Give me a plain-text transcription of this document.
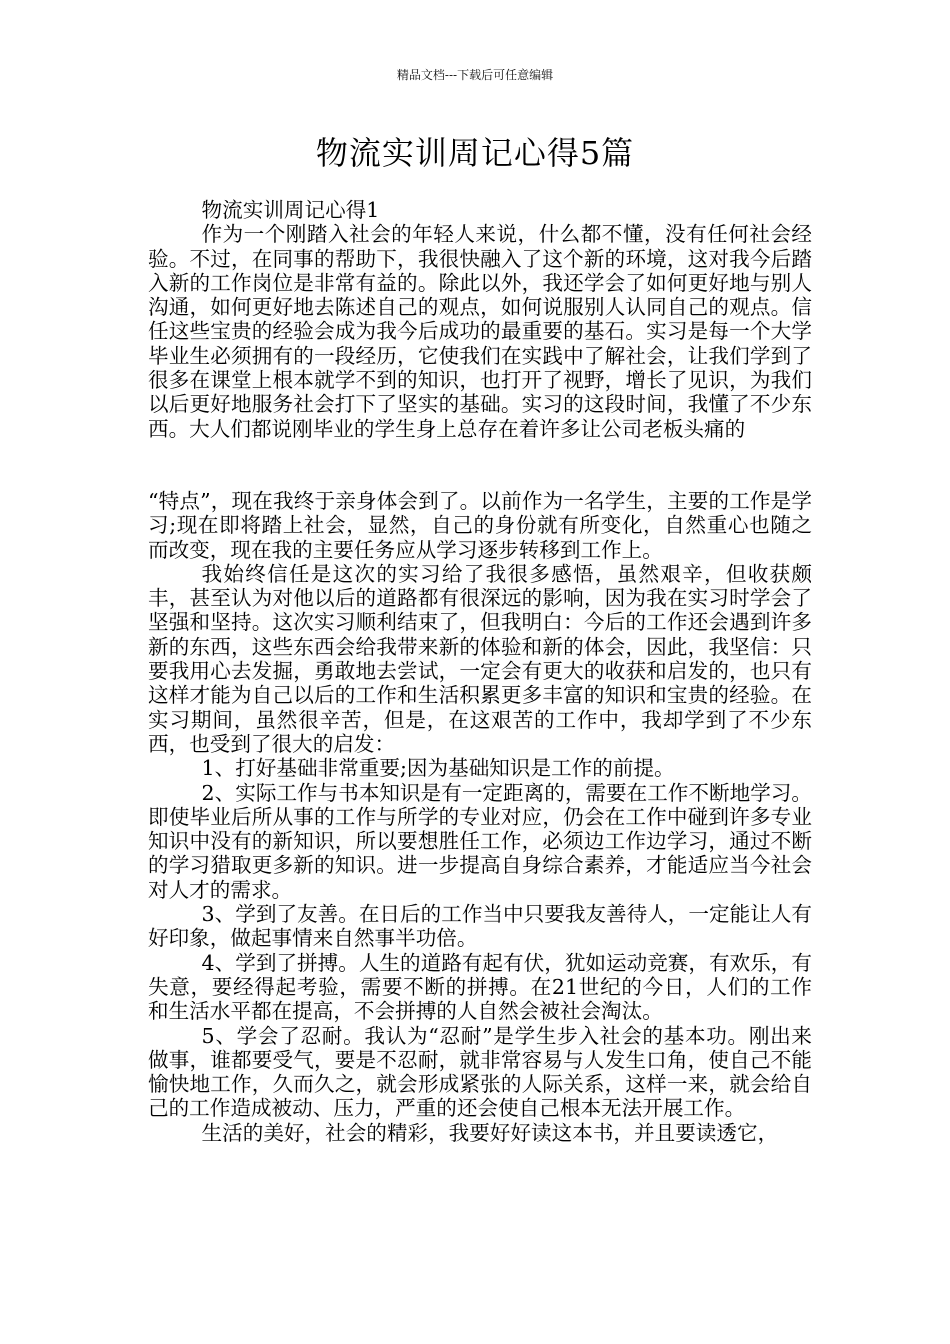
精品文档---下载后可任意编辑
物流实训周记心得5篇

物流实训周记心得1

作为一个刚踏入社会的年轻人来说，什么都不懂，没有任何社会经验。不过，在同事的帮助下，我很快融入了这个新的环境，这对我今后踏入新的工作岗位是非常有益的。除此以外，我还学会了如何更好地与别人沟通，如何更好地去陈述自己的观点，如何说服别人认同自己的观点。信任这些宝贵的经验会成为我今后成功的最重要的基石。实习是每一个大学毕业生必须拥有的一段经历，它使我们在实践中了解社会，让我们学到了很多在课堂上根本就学不到的知识，也打开了视野，增长了见识，为我们以后更好地服务社会打下了坚实的基础。实习的这段时间，我懂了不少东西。大人们都说刚毕业的学生身上总存在着许多让公司老板头痛的

“特点”，现在我终于亲身体会到了。以前作为一名学生，主要的工作是学习;现在即将踏上社会，显然，自己的身份就有所变化，自然重心也随之而改变，现在我的主要任务应从学习逐步转移到工作上。

我始终信任是这次的实习给了我很多感悟，虽然艰辛，但收获颇丰，甚至认为对他以后的道路都有很深远的影响，因为我在实习时学会了坚强和坚持。这次实习顺利结束了，但我明白：今后的工作还会遇到许多新的东西，这些东西会给我带来新的体验和新的体会，因此，我坚信：只要我用心去发掘，勇敢地去尝试，一定会有更大的收获和启发的，也只有这样才能为自己以后的工作和生活积累更多丰富的知识和宝贵的经验。在实习期间，虽然很辛苦，但是，在这艰苦的工作中，我却学到了不少东西，也受到了很大的启发：

1、打好基础非常重要;因为基础知识是工作的前提。

2、实际工作与书本知识是有一定距离的，需要在工作不断地学习。即使毕业后所从事的工作与所学的专业对应，仍会在工作中碰到许多专业知识中没有的新知识，所以要想胜任工作，必须边工作边学习，通过不断的学习猎取更多新的知识。进一步提高自身综合素养，才能适应当今社会对人才的需求。

3、学到了友善。在日后的工作当中只要我友善待人，一定能让人有好印象，做起事情来自然事半功倍。

4、学到了拼搏。人生的道路有起有伏，犹如运动竞赛，有欢乐，有失意，要经得起考验，需要不断的拼搏。在21世纪的今日，人们的工作和生活水平都在提高，不会拼搏的人自然会被社会淘汰。

5、学会了忍耐。我认为“忍耐”是学生步入社会的基本功。刚出来做事，谁都要受气，要是不忍耐，就非常容易与人发生口角，使自己不能愉快地工作，久而久之，就会形成紧张的人际关系，这样一来，就会给自己的工作造成被动、压力，严重的还会使自己根本无法开展工作。

生活的美好，社会的精彩，我要好好读这本书，并且要读透它，
